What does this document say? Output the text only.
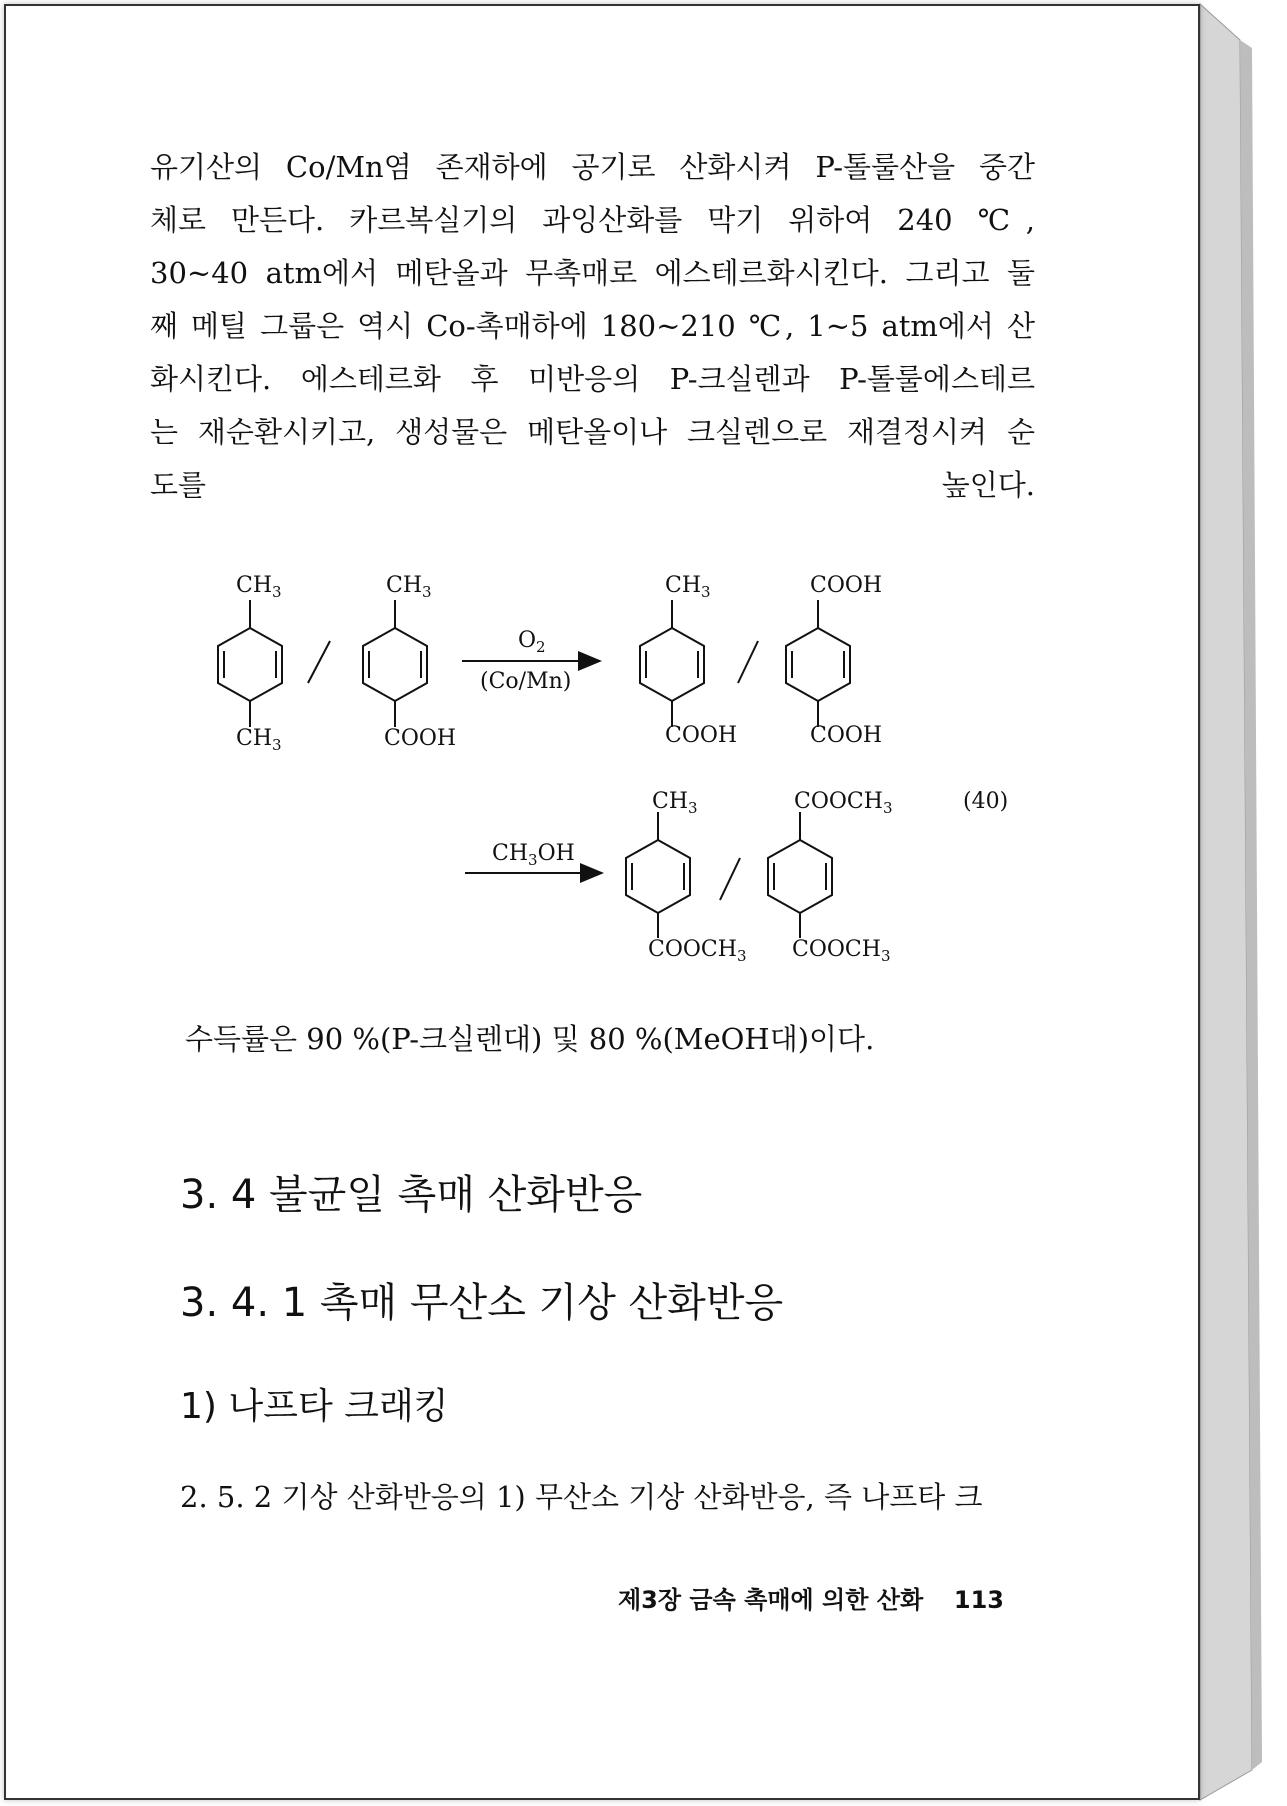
유기산의 Co/Mn염 존재하에 공기로 산화시켜 P-톨룰산을 중간
체로 만든다. 카르복실기의 과잉산화를 막기 위하여 240 ℃,
30~40 atm에서 메탄올과 무촉매로 에스테르화시킨다. 그리고 둘
째 메틸 그룹은 역시 Co-촉매하에 180~210 ℃, 1~5 atm에서 산
화시킨다. 에스테르화 후 미반응의 P-크실렌과 P-톨룰에스테르
는 재순환시키고, 생성물은 메탄올이나 크실렌으로 재결정시켜 순
도를 높인다.
$CH_3$
$CH_3$
$CH_3$
COOH
$O_2$
(Co/Mn)
$CH_3$
COOH
COOH
COOH
(40)
$CH_3OH$
$CH_3$
$COOCH_3$
$COOCH_3$
$COOCH_3$
수득률은 90 %(P-크실렌대) 및 80 %(MeOH대)이다.
3. 4 불균일 촉매 산화반응
3. 4. 1 촉매 무산소 기상 산화반응
1) 나프타 크래킹
2. 5. 2 기상 산화반응의 1) 무산소 기상 산화반응, 즉 나프타 크
제3장 금속 촉매에 의한 산화 113
